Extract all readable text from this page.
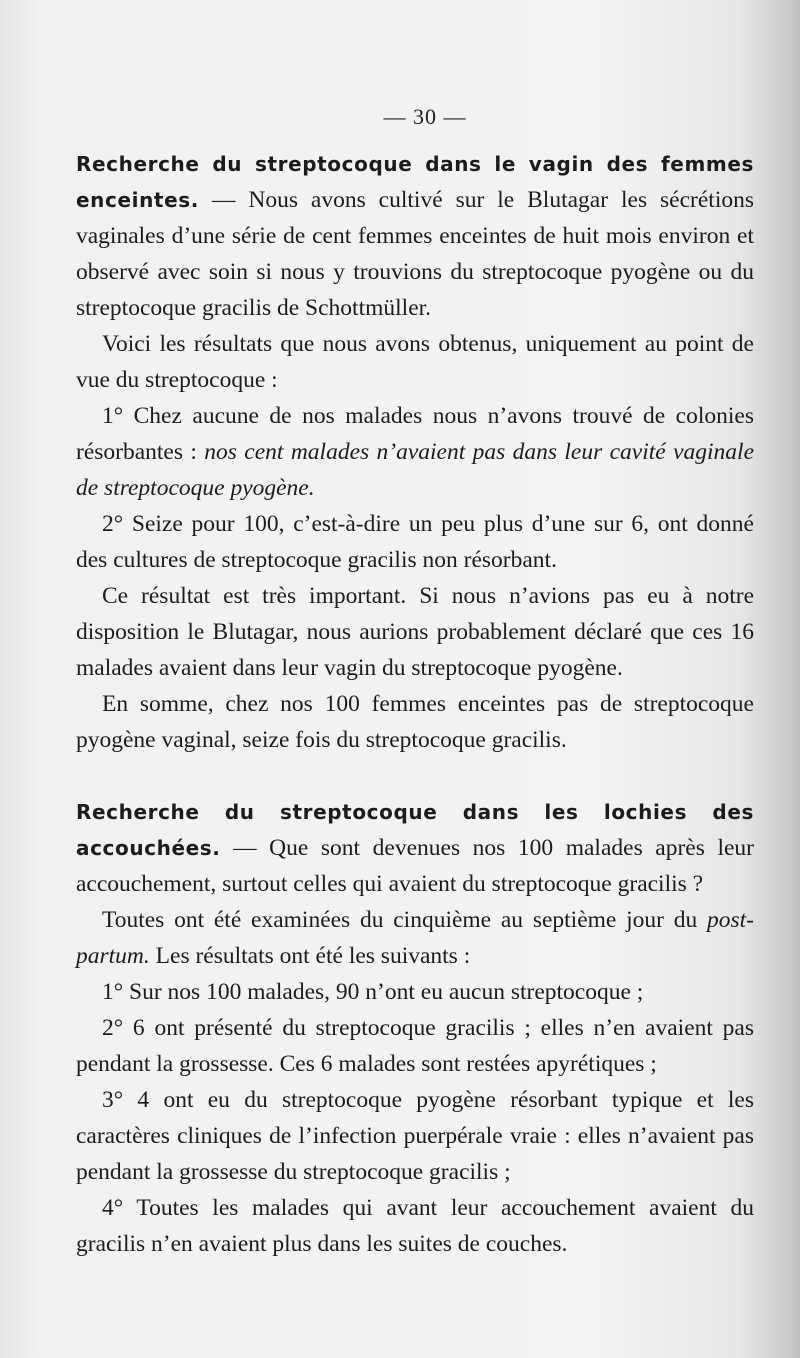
— 30 —

Recherche du streptocoque dans le vagin des femmes enceintes. — Nous avons cultivé sur le Blutagar les sécrétions vaginales d’une série de cent femmes enceintes de huit mois environ et observé avec soin si nous y trouvions du streptocoque pyogène ou du streptocoque gracilis de Schottmüller.

Voici les résultats que nous avons obtenus, uniquement au point de vue du streptocoque :

1° Chez aucune de nos malades nous n’avons trouvé de colonies résorbantes : nos cent malades n’avaient pas dans leur cavité vaginale de streptocoque pyogène.

2° Seize pour 100, c’est-à-dire un peu plus d’une sur 6, ont donné des cultures de streptocoque gracilis non résorbant.

Ce résultat est très important. Si nous n’avions pas eu à notre disposition le Blutagar, nous aurions probablement déclaré que ces 16 malades avaient dans leur vagin du streptocoque pyogène.

En somme, chez nos 100 femmes enceintes pas de streptocoque pyogène vaginal, seize fois du streptocoque gracilis.

Recherche du streptocoque dans les lochies des accouchées. — Que sont devenues nos 100 malades après leur accouchement, surtout celles qui avaient du streptocoque gracilis ?

Toutes ont été examinées du cinquième au septième jour du post-partum. Les résultats ont été les suivants :

1° Sur nos 100 malades, 90 n’ont eu aucun streptocoque ;

2° 6 ont présenté du streptocoque gracilis ; elles n’en avaient pas pendant la grossesse. Ces 6 malades sont restées apyrétiques ;

3° 4 ont eu du streptocoque pyogène résorbant typique et les caractères cliniques de l’infection puerpérale vraie : elles n’avaient pas pendant la grossesse du streptocoque gracilis ;

4° Toutes les malades qui avant leur accouchement avaient du gracilis n’en avaient plus dans les suites de couches.
